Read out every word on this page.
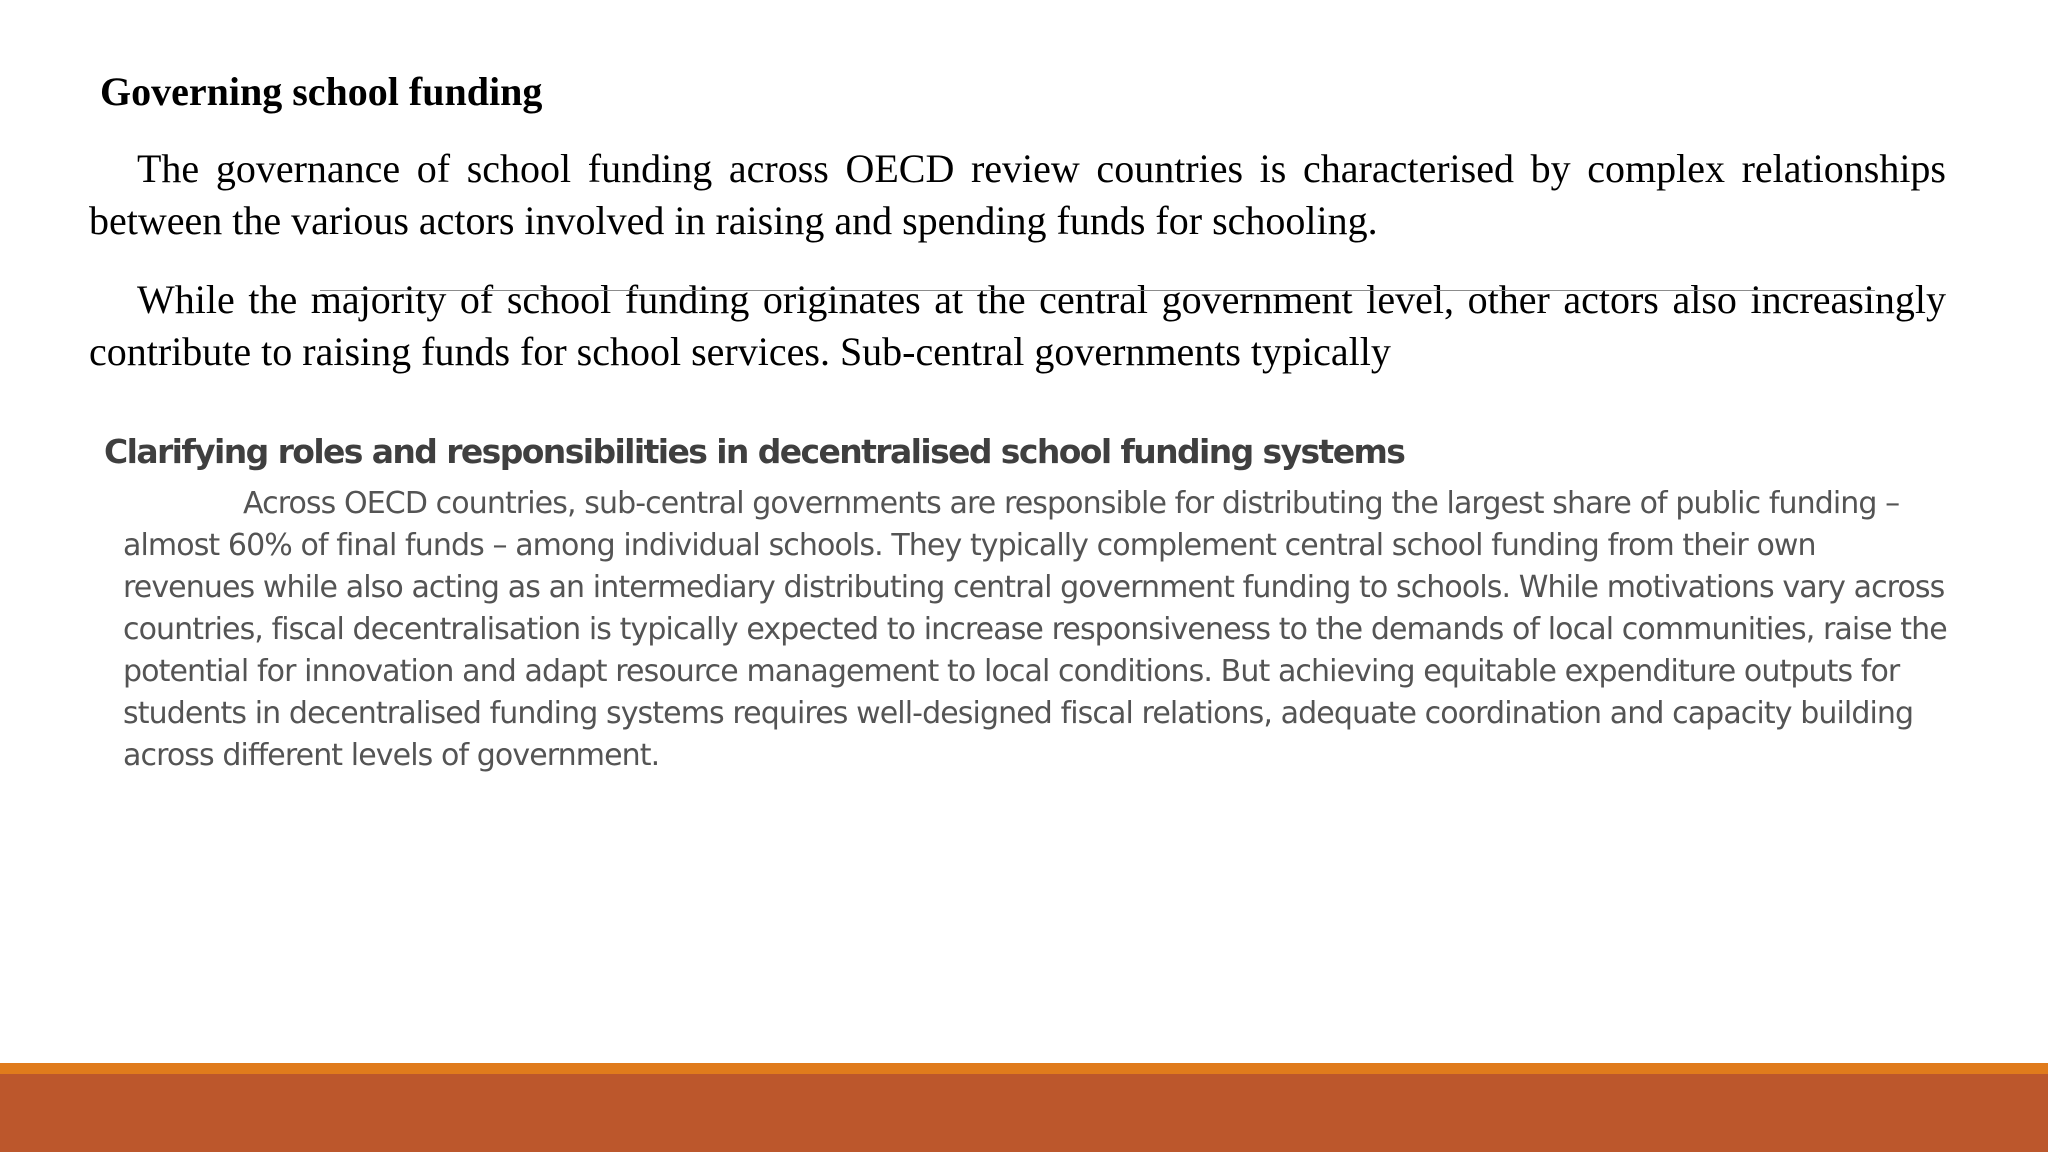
Governing school funding

The governance of school funding across OECD review countries is characterised by complex relationships between the various actors involved in raising and spending funds for schooling.

While the majority of school funding originates at the central government level, other actors also increasingly contribute to raising funds for school services. Sub-central governments typically

Clarifying roles and responsibilities in decentralised school funding systems

Across OECD countries, sub-central governments are responsible for distributing the largest share of public funding – almost 60% of final funds – among individual schools. They typically complement central school funding from their own revenues while also acting as an intermediary distributing central government funding to schools. While motivations vary across countries, fiscal decentralisation is typically expected to increase responsiveness to the demands of local communities, raise the potential for innovation and adapt resource management to local conditions. But achieving equitable expenditure outputs for students in decentralised funding systems requires well-designed fiscal relations, adequate coordination and capacity building across different levels of government.
